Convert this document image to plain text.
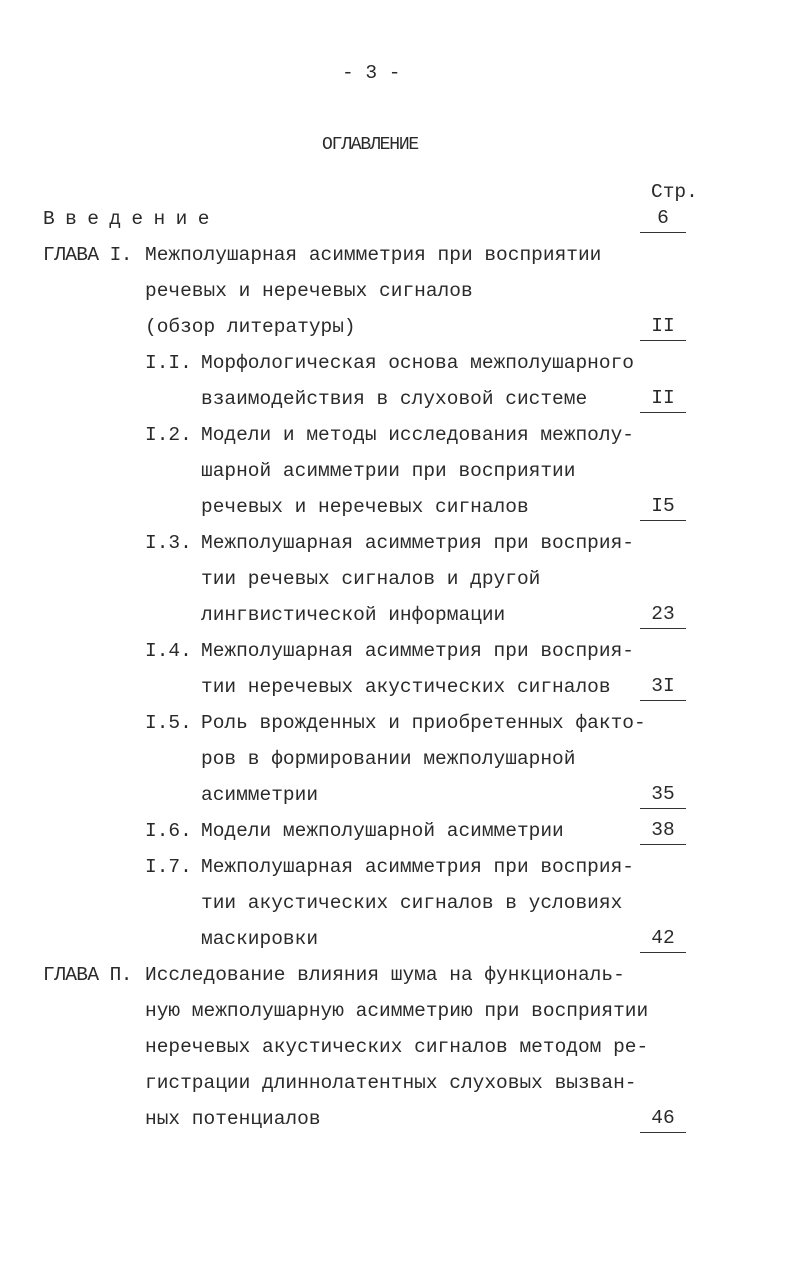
- 3 -
ОГЛАВЛЕНИЕ
Стр.
Введение	6
ГЛАВА I. Межполушарная асимметрия при восприятии
речевых и неречевых сигналов
(обзор литературы)	II
I.I. Морфологическая основа межполушарного
взаимодействия в слуховой системе	II
I.2. Модели и методы исследования межполу-
шарной асимметрии при восприятии
речевых и неречевых сигналов	I5
I.3. Межполушарная асимметрия при восприя-
тии речевых сигналов и другой
лингвистической информации	23
I.4. Межполушарная асимметрия при восприя-
тии неречевых акустических сигналов	3I
I.5. Роль врожденных и приобретенных факто-
ров в формировании межполушарной
асимметрии	35
I.6. Модели межполушарной асимметрии	38
I.7. Межполушарная асимметрия при восприя-
тии акустических сигналов в условиях
маскировки	42
ГЛАВА П. Исследование влияния шума на функциональ-
ную межполушарную асимметрию при восприятии
неречевых акустических сигналов методом ре-
гистрации длиннолатентных слуховых вызван-
ных потенциалов	46
